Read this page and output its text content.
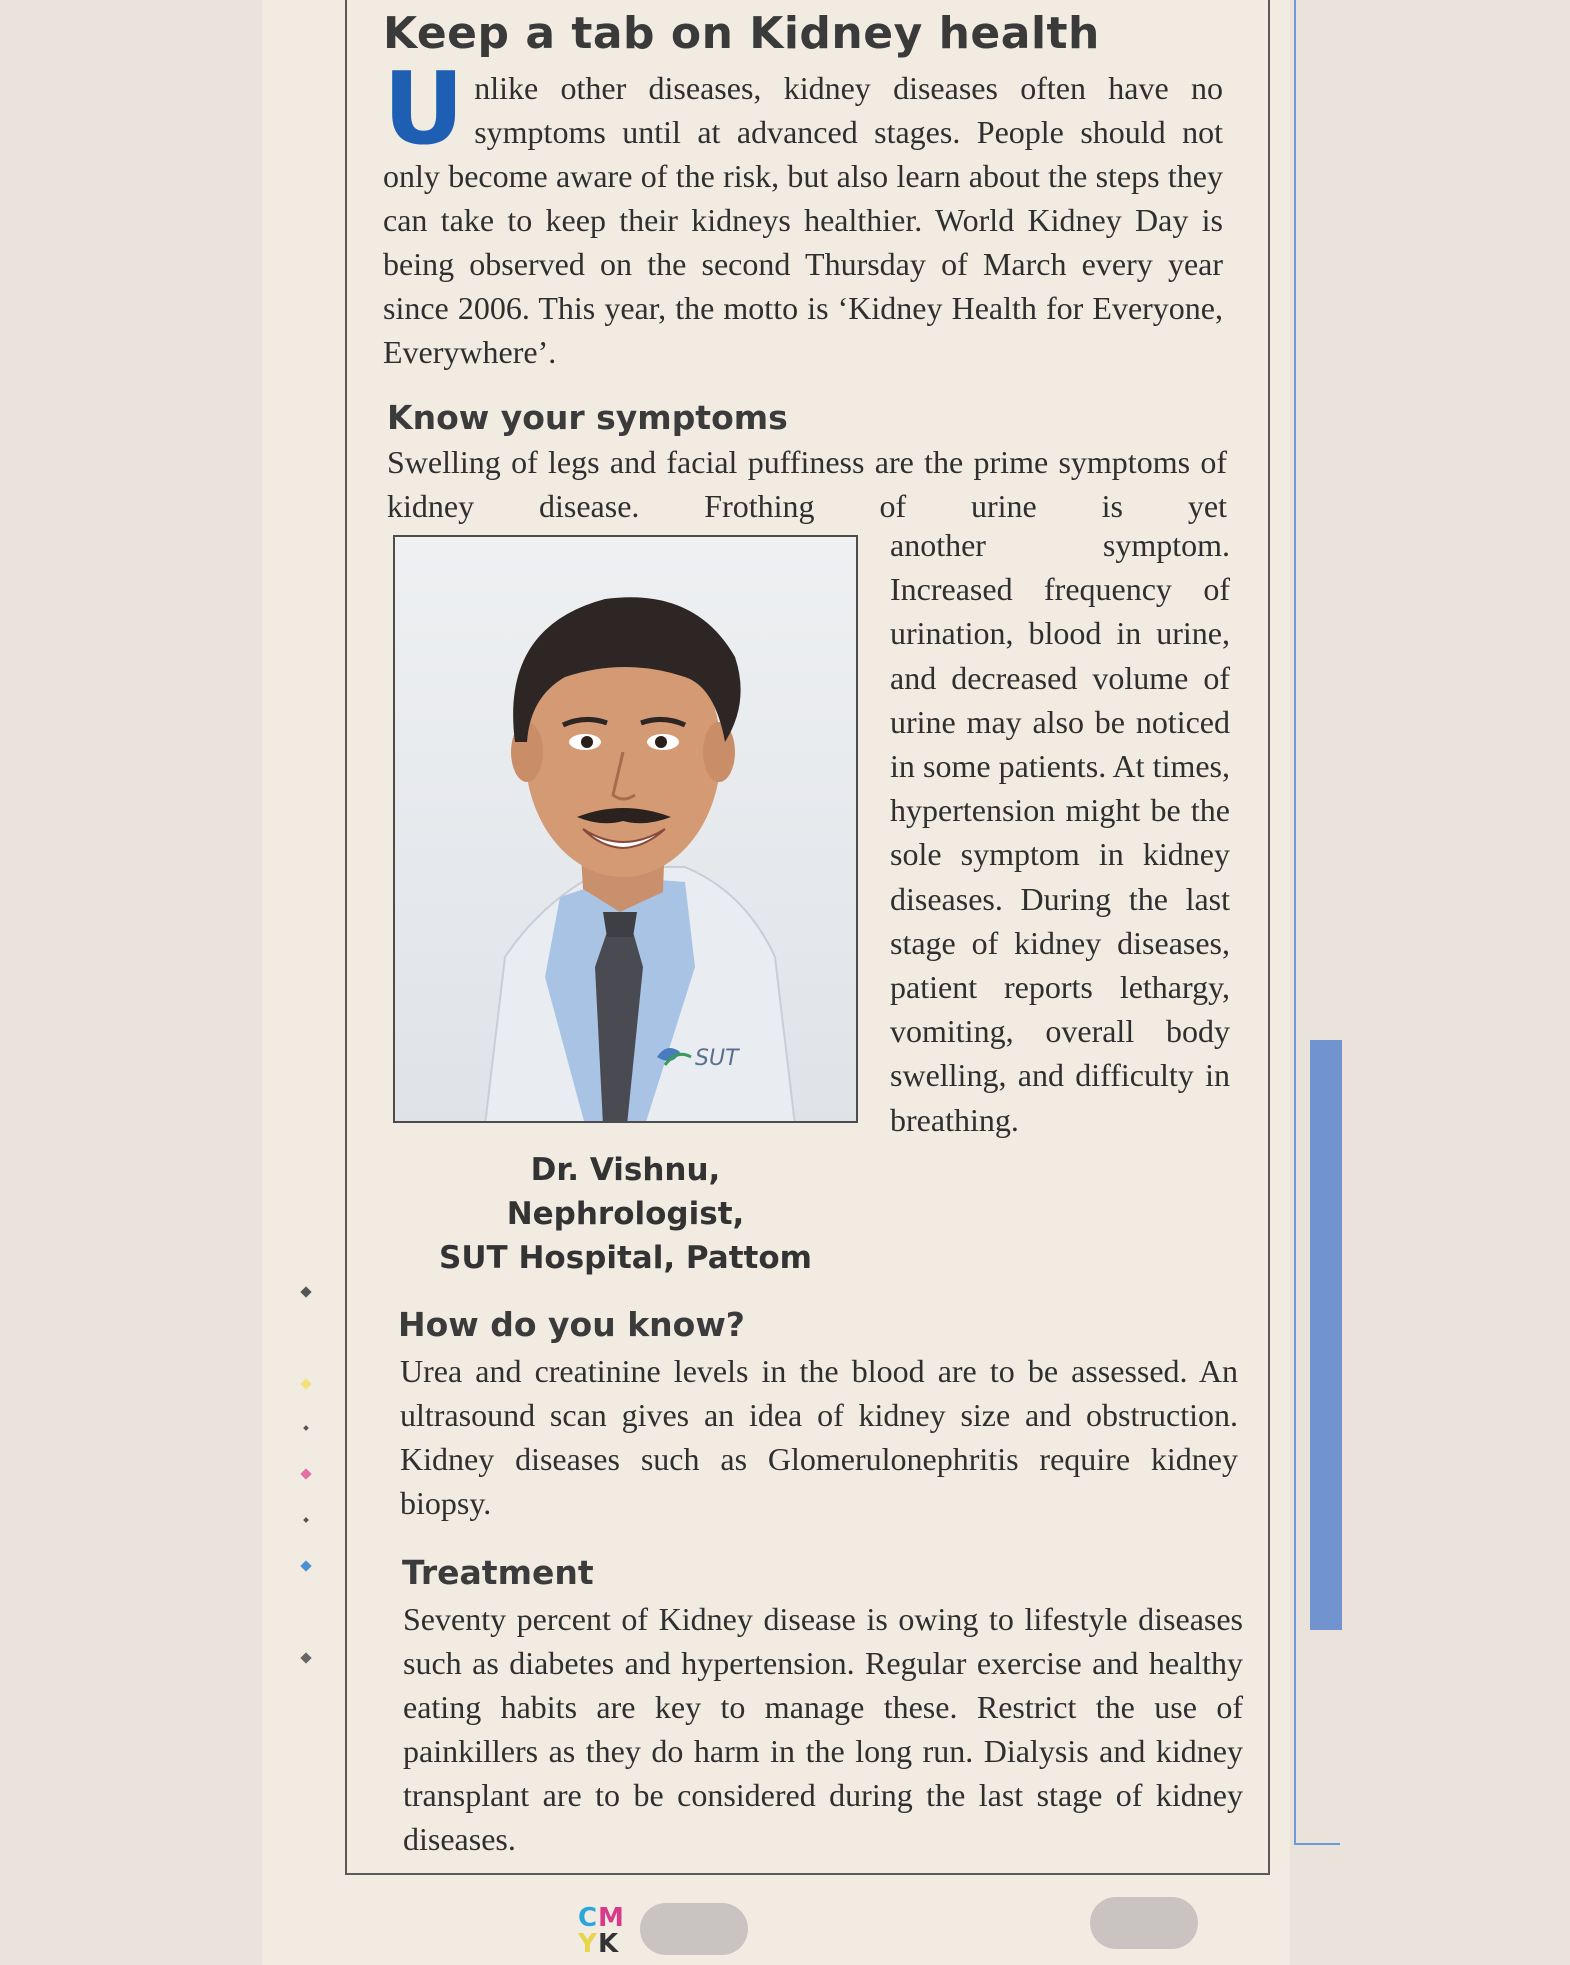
Keep a tab on Kidney health

Unlike other diseases, kidney diseases often have no symptoms until at advanced stages. People should not only become aware of the risk, but also learn about the steps they can take to keep their kidneys healthier. World Kidney Day is being observed on the second Thursday of March every year since 2006. This year, the motto is ‘Kidney Health for Everyone, Everywhere’.

Know your symptoms

Swelling of legs and facial puffiness are the prime symptoms of kidney disease. Frothing of urine is yet

SUT

another symptom. Increased frequency of urination, blood in urine, and decreased volume of urine may also be noticed in some patients. At times, hypertension might be the sole symptom in kidney diseases. During the last stage of kidney diseases, patient reports lethargy, vomiting, overall body swelling, and difficulty in breathing.

Dr. Vishnu,
Nephrologist,
SUT Hospital, Pattom
How do you know?

Urea and creatinine levels in the blood are to be assessed. An ultrasound scan gives an idea of kidney size and obstruction. Kidney diseases such as Glomerulonephritis require kidney biopsy.

Treatment

Seventy percent of Kidney disease is owing to lifestyle diseases such as diabetes and hypertension. Regular exercise and healthy eating habits are key to manage these. Restrict the use of painkillers as they do harm in the long run. Dialysis and kidney transplant are to be considered during the last stage of kidney diseases.

C M
Y K
